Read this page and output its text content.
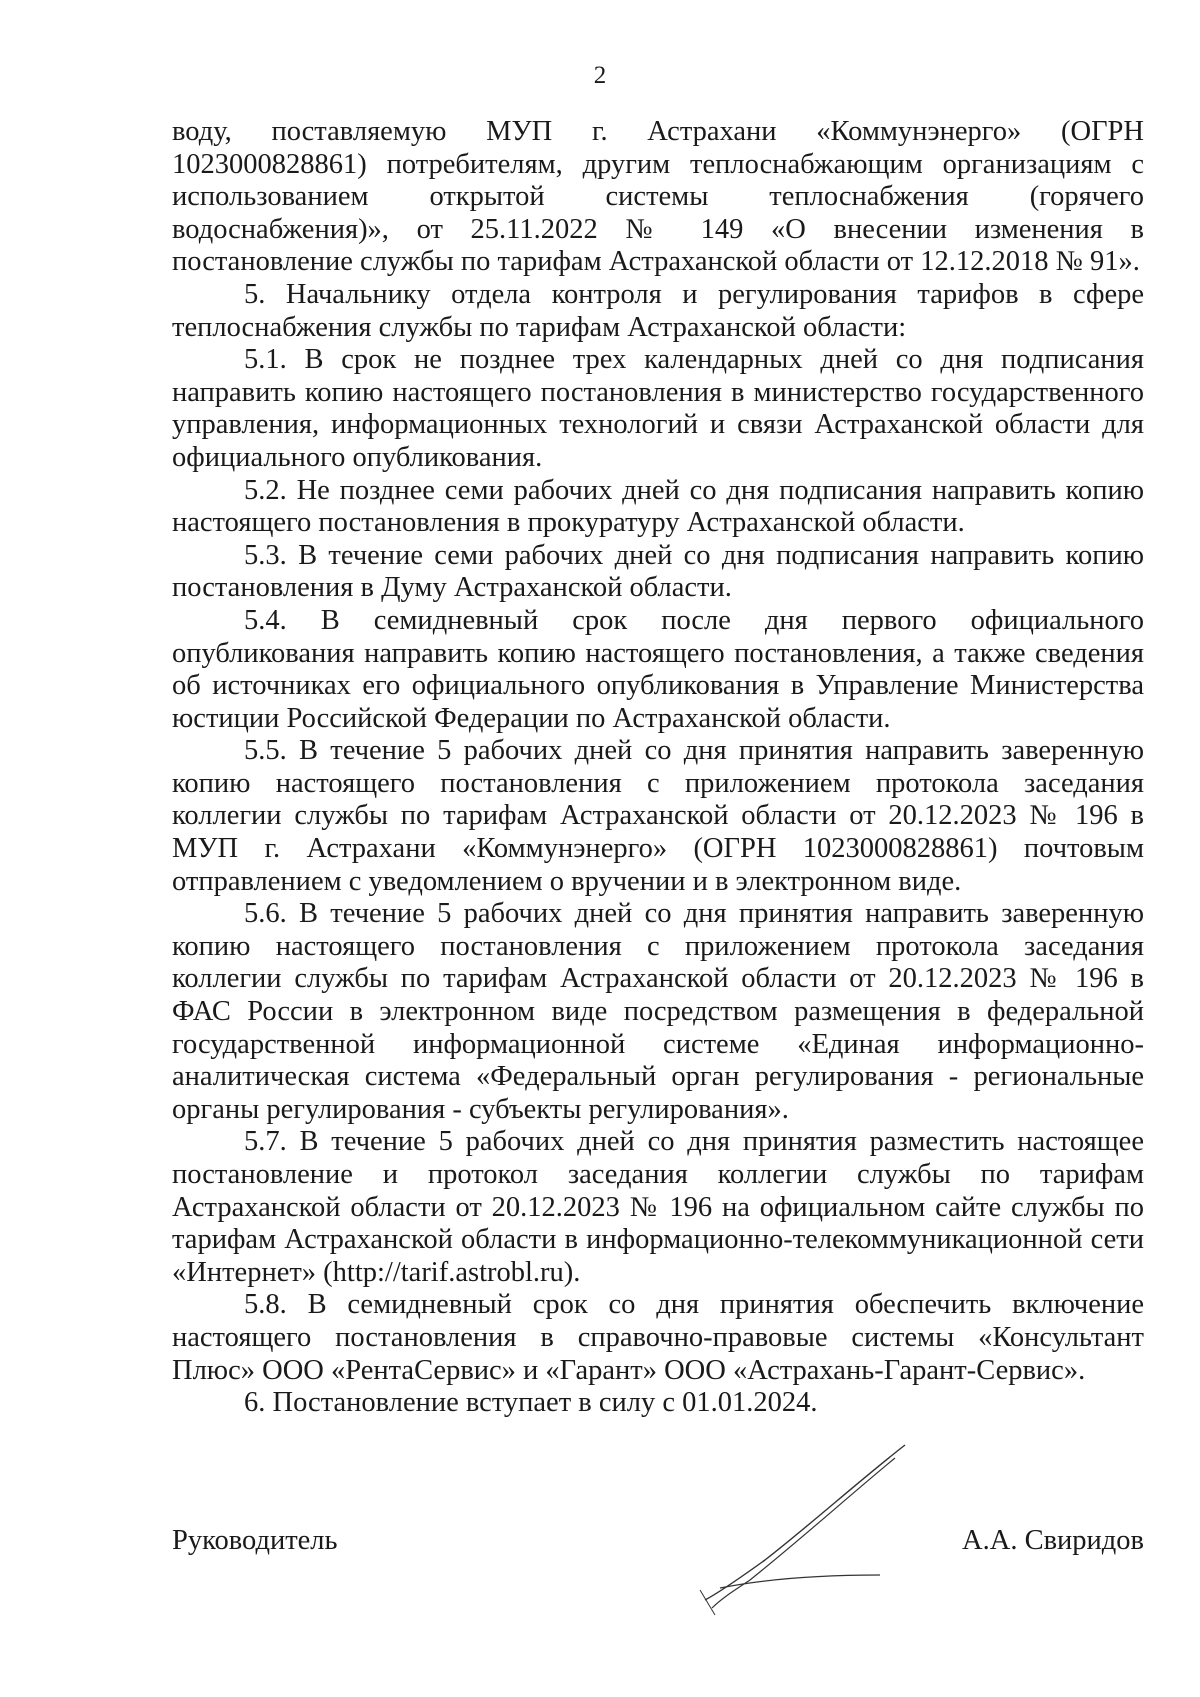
2

воду, поставляемую МУП г. Астрахани «Коммунэнерго» (ОГРН 1023000828861) потребителям, другим теплоснабжающим организациям с использованием открытой системы теплоснабжения (горячего водоснабжения)», от 25.11.2022 № 149 «О внесении изменения в постановление службы по тарифам Астраханской области от 12.12.2018 № 91».

5. Начальнику отдела контроля и регулирования тарифов в сфере теплоснабжения службы по тарифам Астраханской области:

5.1. В срок не позднее трех календарных дней со дня подписания направить копию настоящего постановления в министерство государственного управления, информационных технологий и связи Астраханской области для официального опубликования.

5.2. Не позднее семи рабочих дней со дня подписания направить копию настоящего постановления в прокуратуру Астраханской области.

5.3. В течение семи рабочих дней со дня подписания направить копию постановления в Думу Астраханской области.

5.4. В семидневный срок после дня первого официального опубликования направить копию настоящего постановления, а также сведения об источниках его официального опубликования в Управление Министерства юстиции Российской Федерации по Астраханской области.

5.5. В течение 5 рабочих дней со дня принятия направить заверенную копию настоящего постановления с приложением протокола заседания коллегии службы по тарифам Астраханской области от 20.12.2023 № 196 в МУП г. Астрахани «Коммунэнерго» (ОГРН 1023000828861) почтовым отправлением с уведомлением о вручении и в электронном виде.

5.6. В течение 5 рабочих дней со дня принятия направить заверенную копию настоящего постановления с приложением протокола заседания коллегии службы по тарифам Астраханской области от 20.12.2023 № 196 в ФАС России в электронном виде посредством размещения в федеральной государственной информационной системе «Единая информационно-аналитическая система «Федеральный орган регулирования - региональные органы регулирования - субъекты регулирования».

5.7. В течение 5 рабочих дней со дня принятия разместить настоящее постановление и протокол заседания коллегии службы по тарифам Астраханской области от 20.12.2023 № 196 на официальном сайте службы по тарифам Астраханской области в информационно-телекоммуникационной сети «Интернет» (http://tarif.astrobl.ru).

5.8. В семидневный срок со дня принятия обеспечить включение настоящего постановления в справочно-правовые системы «Консультант Плюс» ООО «РентаСервис» и «Гарант» ООО «Астрахань-Гарант-Сервис».

6. Постановление вступает в силу с 01.01.2024.

Руководитель	А.А. Свиридов
